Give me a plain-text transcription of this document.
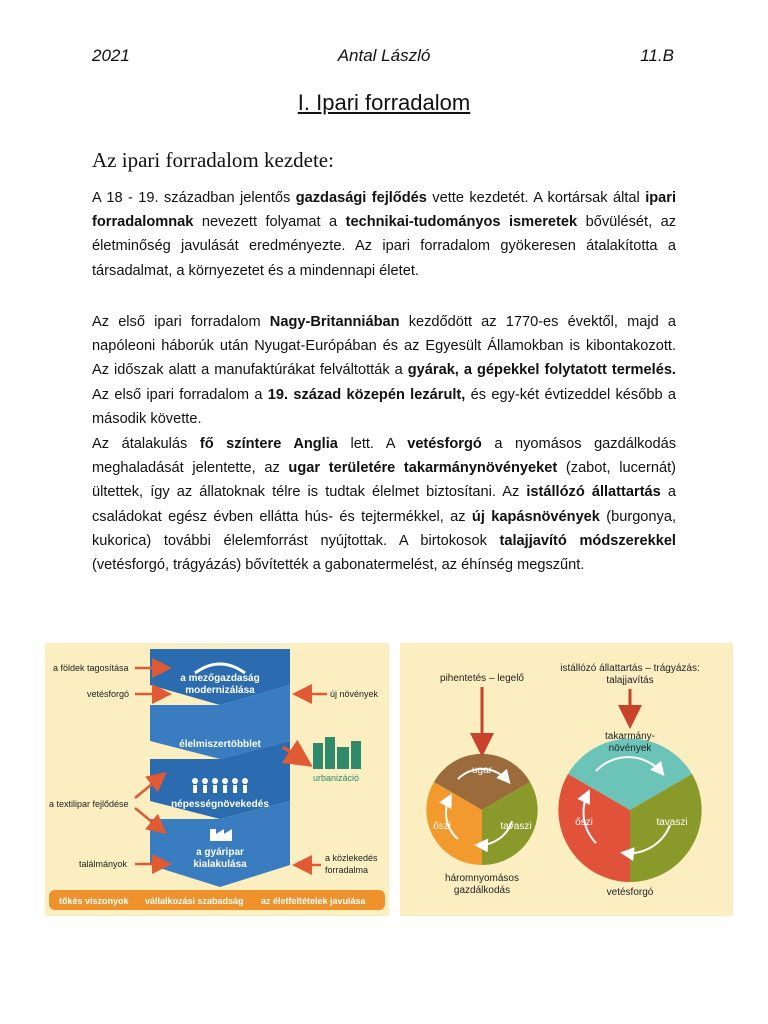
2021	Antal László	11.B
I. Ipari forradalom
Az ipari forradalom kezdete:
A 18 - 19. században jelentős gazdasági fejlődés vette kezdetét. A kortársak által ipari forradalomnak nevezett folyamat a technikai-tudományos ismeretek bővülését, az életminőség javulását eredményezte. Az ipari forradalom gyökeresen átalakította a társadalmat, a környezetet és a mindennapi életet.
Az első ipari forradalom Nagy-Britanniában kezdődött az 1770-es évektől, majd a napóleoni háborúk után Nyugat-Európában és az Egyesült Államokban is kibontakozott. Az időszak alatt a manufaktúrákat felváltották a gyárak, a gépekkel folytatott termelés. Az első ipari forradalom a 19. század közepén lezárult, és egy-két évtizeddel később a második követte.
Az átalakulás fő színtere Anglia lett. A vetésforgó a nyomásos gazdálkodás meghaladását jelentette, az ugar területére takarmánynövényeket (zabot, lucernát) ültettek, így az állatoknak télre is tudtak élelmet biztosítani. Az istállózó állattartás a családokat egész évben ellátta hús- és tejtermékkel, az új kapásnövények (burgonya, kukorica) további élelemforrást nyújtottak. A birtokosok talajjavító módszerekkel (vetésforgó, trágyázás) bővítették a gabonatermelést, az éhínség megszűnt.
a mezőgazdaság
modernizálása
élelmiszertöbblet
népességnövekedés
a gyáripar
kialakulása
a földek tagosítása
vetésforgó
a textilipar fejlődése
találmányok
új növények
urbanizáció
a közlekedés
forradalma
tőkés viszonyok vállalkozási szabadság az életfeltételek javulása
ugar
őszi	tavaszi
pihentetés – legelő
háromnyomásos
gazdálkodás
takarmány-
növények
őszi	tavaszi
istállózó állattartás – trágyázás:
talajjavítás
vetésforgó
